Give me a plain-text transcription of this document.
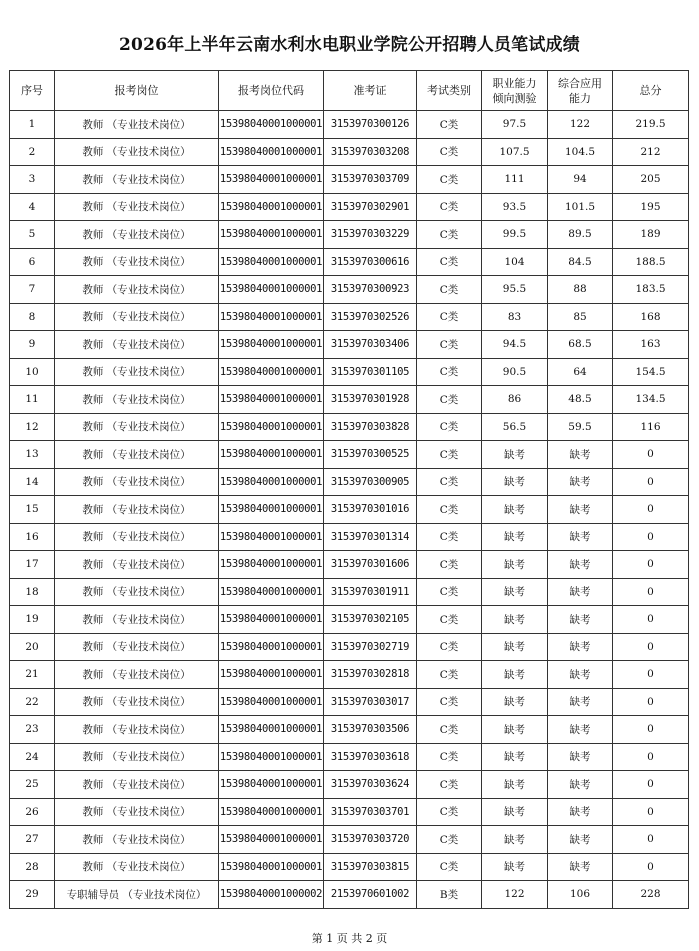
2026年上半年云南水利水电职业学院公开招聘人员笔试成绩
序号	报考岗位	报考岗位代码	准考证	考试类别	职业能力倾向测验	综合应用能力	总分
1	教师 （专业技术岗位）	15398040001000001	3153970300126	C类	97.5	122	219.5
2	教师 （专业技术岗位）	15398040001000001	3153970303208	C类	107.5	104.5	212
3	教师 （专业技术岗位）	15398040001000001	3153970303709	C类	111	94	205
4	教师 （专业技术岗位）	15398040001000001	3153970302901	C类	93.5	101.5	195
5	教师 （专业技术岗位）	15398040001000001	3153970303229	C类	99.5	89.5	189
6	教师 （专业技术岗位）	15398040001000001	3153970300616	C类	104	84.5	188.5
7	教师 （专业技术岗位）	15398040001000001	3153970300923	C类	95.5	88	183.5
8	教师 （专业技术岗位）	15398040001000001	3153970302526	C类	83	85	168
9	教师 （专业技术岗位）	15398040001000001	3153970303406	C类	94.5	68.5	163
10	教师 （专业技术岗位）	15398040001000001	3153970301105	C类	90.5	64	154.5
11	教师 （专业技术岗位）	15398040001000001	3153970301928	C类	86	48.5	134.5
12	教师 （专业技术岗位）	15398040001000001	3153970303828	C类	56.5	59.5	116
13	教师 （专业技术岗位）	15398040001000001	3153970300525	C类	缺考	缺考	0
14	教师 （专业技术岗位）	15398040001000001	3153970300905	C类	缺考	缺考	0
15	教师 （专业技术岗位）	15398040001000001	3153970301016	C类	缺考	缺考	0
16	教师 （专业技术岗位）	15398040001000001	3153970301314	C类	缺考	缺考	0
17	教师 （专业技术岗位）	15398040001000001	3153970301606	C类	缺考	缺考	0
18	教师 （专业技术岗位）	15398040001000001	3153970301911	C类	缺考	缺考	0
19	教师 （专业技术岗位）	15398040001000001	3153970302105	C类	缺考	缺考	0
20	教师 （专业技术岗位）	15398040001000001	3153970302719	C类	缺考	缺考	0
21	教师 （专业技术岗位）	15398040001000001	3153970302818	C类	缺考	缺考	0
22	教师 （专业技术岗位）	15398040001000001	3153970303017	C类	缺考	缺考	0
23	教师 （专业技术岗位）	15398040001000001	3153970303506	C类	缺考	缺考	0
24	教师 （专业技术岗位）	15398040001000001	3153970303618	C类	缺考	缺考	0
25	教师 （专业技术岗位）	15398040001000001	3153970303624	C类	缺考	缺考	0
26	教师 （专业技术岗位）	15398040001000001	3153970303701	C类	缺考	缺考	0
27	教师 （专业技术岗位）	15398040001000001	3153970303720	C类	缺考	缺考	0
28	教师 （专业技术岗位）	15398040001000001	3153970303815	C类	缺考	缺考	0
29	专职辅导员 （专业技术岗位）	15398040001000002	2153970601002	B类	122	106	228
第 1 页 共 2 页
